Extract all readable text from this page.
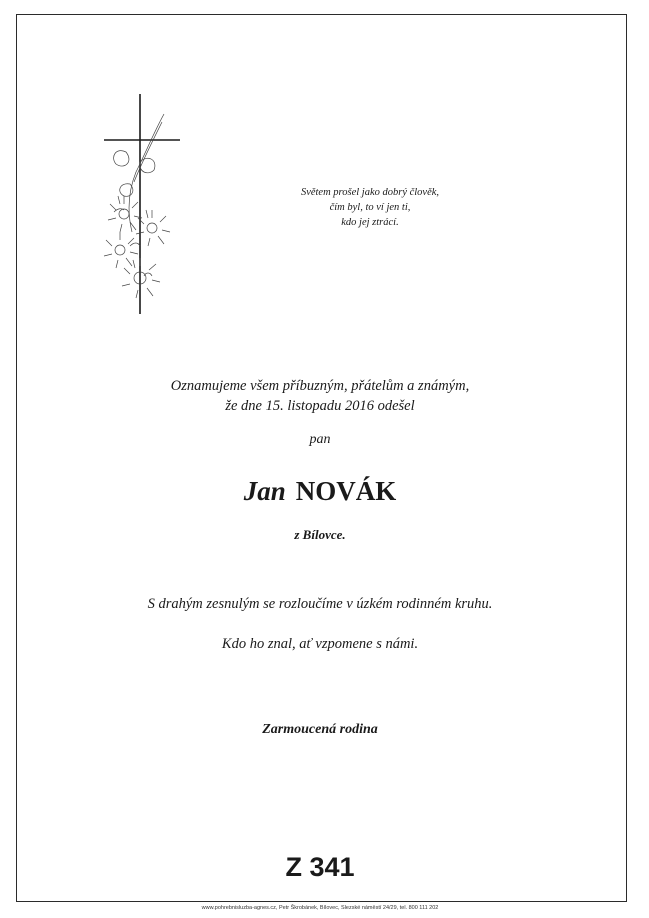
Světem prošel jako dobrý člověk,
čím byl, to ví jen ti,
kdo jej ztrácí.
Oznamujeme všem příbuzným, přátelům a známým,
že dne 15. listopadu 2016 odešel
pan
Jan NOVÁK
z Bílovce.
S drahým zesnulým se rozloučíme v úzkém rodinném kruhu.
Kdo ho znal, ať vzpomene s námi.
Zarmoucená rodina
Z 341
www.pohrebnisluzba-agnes.cz, Petr Škrobánek, Bílovec, Slezské náměstí 24/29, tel. 800 111 202
